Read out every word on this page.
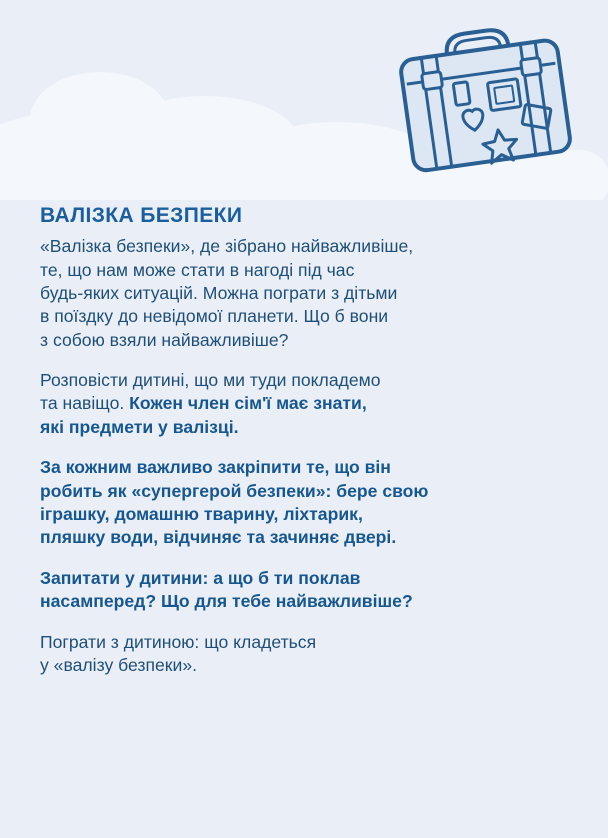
ВАЛІЗКА БЕЗПЕКИ

«Валізка безпеки», де зібрано найважливіше,

те, що нам може стати в нагоді під час

будь-яких ситуацій. Можна пограти з дітьми

в поїздку до невідомої планети. Що б вони

з собою взяли найважливіше?

Розповісти дитині, що ми туди покладемо

та навіщо. Кожен член сім'ї має знати,

які предмети у валізці.

За кожним важливо закріпити те, що він

робить як «супергерой безпеки»: бере свою

іграшку, домашню тварину, ліхтарик,

пляшку води, відчиняє та зачиняє двері.

Запитати у дитини: а що б ти поклав

насамперед? Що для тебе найважливіше?

Пограти з дитиною: що кладеться

у «валізу безпеки».
